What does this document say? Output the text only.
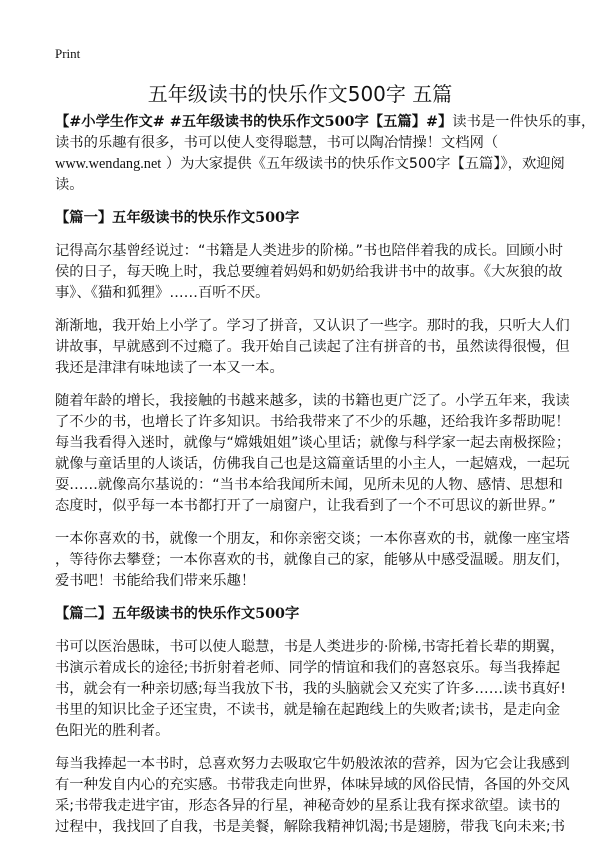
Print
五年级读书的快乐作文500字 五篇

【#小学生作文# #五年级读书的快乐作文500字【五篇】#】读书是一件快乐的事，
读书的乐趣有很多，书可以使人变得聪慧，书可以陶冶情操！文档网（
www.wendang.net ）为大家提供《五年级读书的快乐作文500字【五篇】》，欢迎阅
读。

【篇一】五年级读书的快乐作文500字

记得高尔基曾经说过：“书籍是人类进步的阶梯。”书也陪伴着我的成长。回顾小时
侯的日子，每天晚上时，我总要缠着妈妈和奶奶给我讲书中的故事。《大灰狼的故
事》、《猫和狐狸》……百听不厌。

渐渐地，我开始上小学了。学习了拼音，又认识了一些字。那时的我，只听大人们
讲故事，早就感到不过瘾了。我开始自己读起了注有拼音的书，虽然读得很慢，但
我还是津津有味地读了一本又一本。

随着年龄的增长，我接触的书越来越多，读的书籍也更广泛了。小学五年来，我读
了不少的书，也增长了许多知识。书给我带来了不少的乐趣，还给我许多帮助呢！
每当我看得入迷时，就像与“嫦娥姐姐”谈心里话；就像与科学家一起去南极探险；
就像与童话里的人谈话，仿佛我自己也是这篇童话里的小主人，一起嬉戏，一起玩
耍……就像高尔基说的：“当书本给我闻所未闻，见所未见的人物、感情、思想和
态度时，似乎每一本书都打开了一扇窗户，让我看到了一个不可思议的新世界。”

一本你喜欢的书，就像一个朋友，和你亲密交谈；一本你喜欢的书，就像一座宝塔
，等待你去攀登；一本你喜欢的书，就像自己的家，能够从中感受温暖。朋友们，
爱书吧！书能给我们带来乐趣！

【篇二】五年级读书的快乐作文500字

书可以医治愚昧，书可以使人聪慧，书是人类进步的·阶梯,书寄托着长辈的期翼，
书演示着成长的途径;书折射着老师、同学的情谊和我们的喜怒哀乐。每当我捧起
书，就会有一种亲切感;每当我放下书，我的头脑就会又充实了许多……读书真好!
书里的知识比金子还宝贵，不读书，就是输在起跑线上的失败者;读书，是走向金
色阳光的胜利者。

每当我捧起一本书时，总喜欢努力去吸取它牛奶般浓浓的营养，因为它会让我感到
有一种发自内心的充实感。书带我走向世界，体味异域的风俗民情，各国的外交风
采;书带我走进宇宙，形态各异的行星，神秘奇妙的星系让我有探求欲望。读书的
过程中，我找回了自我，书是美餐，解除我精神饥渴;书是翅膀，带我飞向未来;书
